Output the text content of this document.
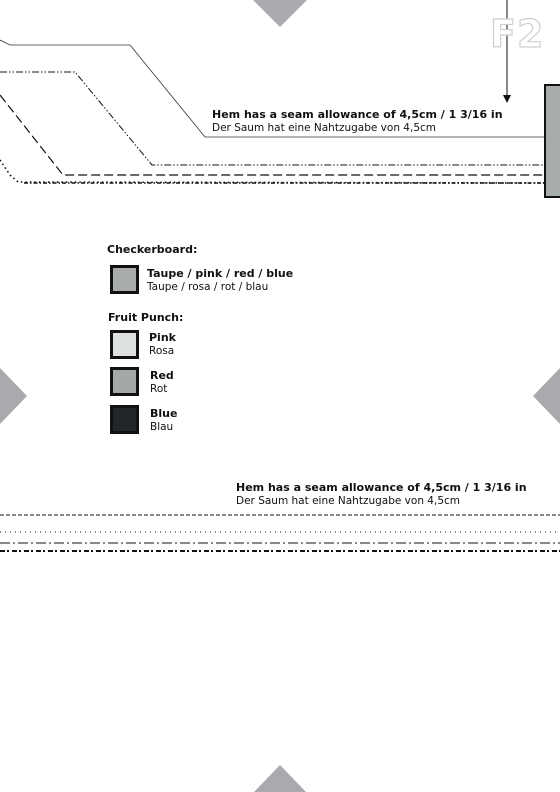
F2
Hem has a seam allowance of 4,5cm / 1 3/16 in
Der Saum hat eine Nahtzugabe von 4,5cm
Checkerboard:
Taupe / pink / red / blue
Taupe / rosa / rot / blau
Fruit Punch:
Pink
Rosa
Red
Rot
Blue
Blau
Hem has a seam allowance of 4,5cm / 1 3/16 in
Der Saum hat eine Nahtzugabe von 4,5cm
